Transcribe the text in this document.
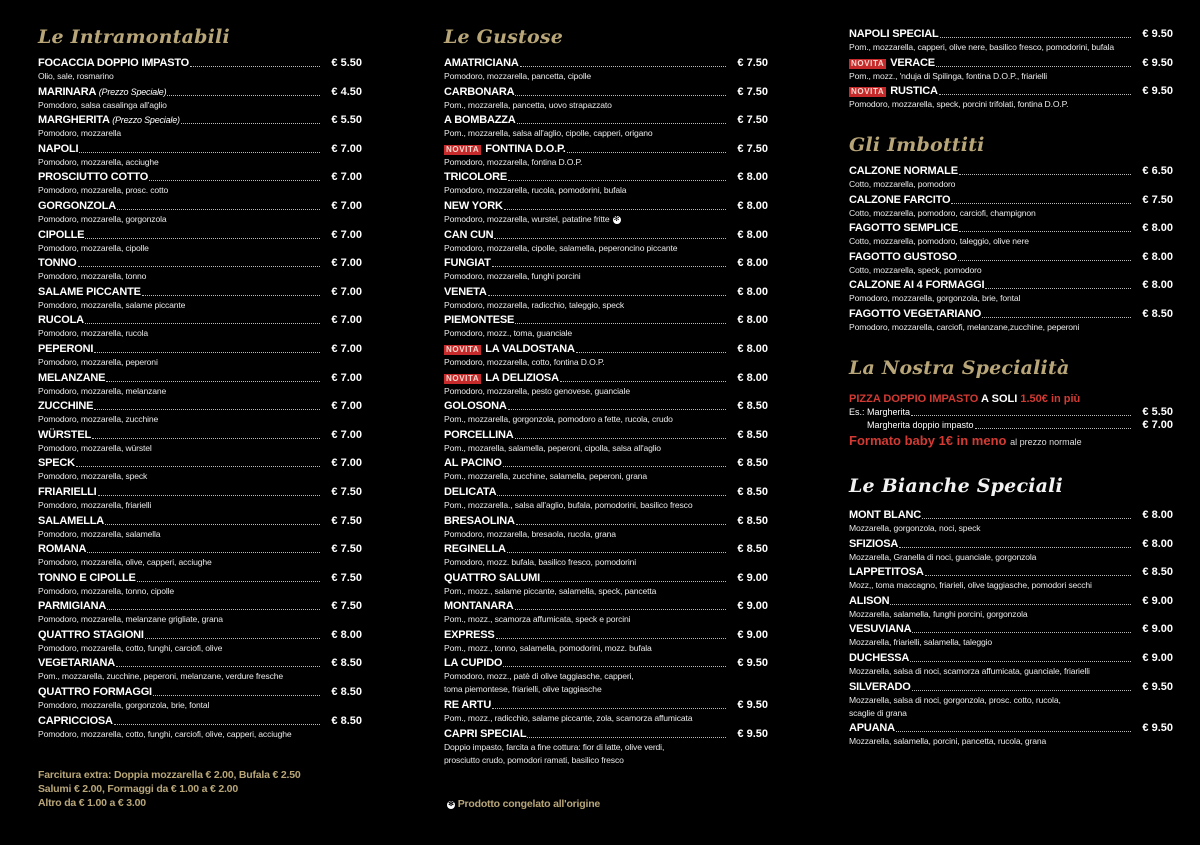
Le Intramontabili
FOCACCIA DOPPIO IMPASTO	€ 5.50
Olio, sale, rosmarino
MARINARA (Prezzo Speciale)	€ 4.50
Pomodoro, salsa casalinga all'aglio
MARGHERITA (Prezzo Speciale)	€ 5.50
Pomodoro, mozzarella
NAPOLI	€ 7.00
Pomodoro, mozzarella, acciughe
PROSCIUTTO COTTO	€ 7.00
Pomodoro, mozzarella, prosc. cotto
GORGONZOLA	€ 7.00
Pomodoro, mozzarella, gorgonzola
CIPOLLE	€ 7.00
Pomodoro, mozzarella, cipolle
TONNO	€ 7.00
Pomodoro, mozzarella, tonno
SALAME PICCANTE	€ 7.00
Pomodoro, mozzarella, salame piccante
RUCOLA	€ 7.00
Pomodoro, mozzarella, rucola
PEPERONI	€ 7.00
Pomodoro, mozzarella, peperoni
MELANZANE	€ 7.00
Pomodoro, mozzarella, melanzane
ZUCCHINE	€ 7.00
Pomodoro, mozzarella, zucchine
WÜRSTEL	€ 7.00
Pomodoro, mozzarella, würstel
SPECK	€ 7.00
Pomodoro, mozzarella, speck
FRIARIELLI	€ 7.50
Pomodoro, mozzarella, friarielli
SALAMELLA	€ 7.50
Pomodoro, mozzarella, salamella
ROMANA	€ 7.50
Pomodoro, mozzarella, olive, capperi, acciughe
TONNO E CIPOLLE	€ 7.50
Pomodoro, mozzarella, tonno, cipolle
PARMIGIANA	€ 7.50
Pomodoro, mozzarella, melanzane grigliate, grana
QUATTRO STAGIONI	€ 8.00
Pomodoro, mozzarella, cotto, funghi, carciofi, olive
VEGETARIANA	€ 8.50
Pom., mozzarella, zucchine, peperoni, melanzane, verdure fresche
QUATTRO FORMAGGI	€ 8.50
Pomodoro, mozzarella, gorgonzola, brie, fontal
CAPRICCIOSA	€ 8.50
Pomodoro, mozzarella, cotto, funghi, carciofi, olive, capperi, acciughe
Farcitura extra: Doppia mozzarella € 2.00, Bufala € 2.50
Salumi € 2.00, Formaggi da € 1.00 a € 2.00
Altro da € 1.00 a € 3.00
Le Gustose
AMATRICIANA	€ 7.50
Pomodoro, mozzarella, pancetta, cipolle
CARBONARA	€ 7.50
Pom., mozzarella, pancetta, uovo strapazzato
A BOMBAZZA	€ 7.50
Pom., mozzarella, salsa all'aglio, cipolle, capperi, origano
NOVITA FONTINA D.O.P.	€ 7.50
Pomodoro, mozzarella, fontina D.O.P.
TRICOLORE	€ 8.00
Pomodoro, mozzarella, rucola, pomodorini, bufala
NEW YORK	€ 8.00
Pomodoro, mozzarella, wurstel, patatine fritte ✻
CAN CUN	€ 8.00
Pomodoro, mozzarella, cipolle, salamella, peperoncino piccante
FUNGIAT	€ 8.00
Pomodoro, mozzarella, funghi porcini
VENETA	€ 8.00
Pomodoro, mozzarella, radicchio, taleggio, speck
PIEMONTESE	€ 8.00
Pomodoro, mozz., toma, guanciale
NOVITA LA VALDOSTANA	€ 8.00
Pomodoro, mozzarella, cotto, fontina D.O.P.
NOVITA LA DELIZIOSA	€ 8.00
Pomodoro, mozzarella, pesto genovese, guanciale
GOLOSONA	€ 8.50
Pom., mozzarella, gorgonzola, pomodoro a fette, rucola, crudo
PORCELLINA	€ 8.50
Pom., mozarella, salamella, peperoni, cipolla, salsa all'aglio
AL PACINO	€ 8.50
Pom., mozzarella, zucchine, salamella, peperoni, grana
DELICATA	€ 8.50
Pom., mozzarella., salsa all'aglio, bufala, pomodorini, basilico fresco
BRESAOLINA	€ 8.50
Pomodoro, mozzarella, bresaola, rucola, grana
REGINELLA	€ 8.50
Pomodoro, mozz. bufala, basilico fresco, pomodorini
QUATTRO SALUMI	€ 9.00
Pom., mozz., salame piccante, salamella, speck, pancetta
MONTANARA	€ 9.00
Pom., mozz., scamorza affumicata, speck e porcini
EXPRESS	€ 9.00
Pom., mozz., tonno, salamella, pomodorini, mozz. bufala
LA CUPIDO	€ 9.50
Pomodoro, mozz., patè di olive taggiasche, capperi,
toma piemontese, friarielli, olive taggiasche
RE ARTU	€ 9.50
Pom., mozz., radicchio, salame piccante, zola, scamorza affumicata
CAPRI SPECIAL	€ 9.50
Doppio impasto, farcita a fine cottura: fior di latte, olive verdi,
prosciutto crudo, pomodori ramati, basilico fresco
✻ Prodotto congelato all'origine
NAPOLI SPECIAL	€ 9.50
Pom., mozzarella, capperi, olive nere, basilico fresco, pomodorini, bufala
NOVITA VERACE	€ 9.50
Pom., mozz., 'nduja di Spilinga, fontina D.O.P., friarielli
NOVITA RUSTICA	€ 9.50
Pomodoro, mozzarella, speck, porcini trifolati, fontina D.O.P.
Gli Imbottiti
CALZONE NORMALE	€ 6.50
Cotto, mozzarella, pomodoro
CALZONE FARCITO	€ 7.50
Cotto, mozzarella, pomodoro, carciofi, champignon
FAGOTTO SEMPLICE	€ 8.00
Cotto, mozzarella, pomodoro, taleggio, olive nere
FAGOTTO GUSTOSO	€ 8.00
Cotto, mozzarella, speck, pomodoro
CALZONE AI 4 FORMAGGI	€ 8.00
Pomodoro, mozzarella, gorgonzola, brie, fontal
FAGOTTO VEGETARIANO	€ 8.50
Pomodoro, mozzarella, carciofi, melanzane,zucchine, peperoni
La Nostra Specialità
PIZZA DOPPIO IMPASTO A SOLI 1.50€ in più
Es.: Margherita	€ 5.50
Margherita doppio impasto	€ 7.00
Formato baby 1€ in meno al prezzo normale
Le Bianche Speciali
MONT BLANC	€ 8.00
Mozzarella, gorgonzola, noci, speck
SFIZIOSA	€ 8.00
Mozzarella, Granella di noci, guanciale, gorgonzola
LAPPETITOSA	€ 8.50
Mozz,, toma maccagno, friarieli, olive taggiasche, pomodori secchi
ALISON	€ 9.00
Mozzarella, salamella, funghi porcini, gorgonzola
VESUVIANA	€ 9.00
Mozzarella, friarielli, salamella, taleggio
DUCHESSA	€ 9.00
Mozzarella, salsa di noci, scamorza affumicata, guanciale, friarielli
SILVERADO	€ 9.50
Mozzarella, salsa di noci, gorgonzola, prosc. cotto, rucola,
scaglie di grana
APUANA	€ 9.50
Mozzarella, salamella, porcini, pancetta, rucola, grana
